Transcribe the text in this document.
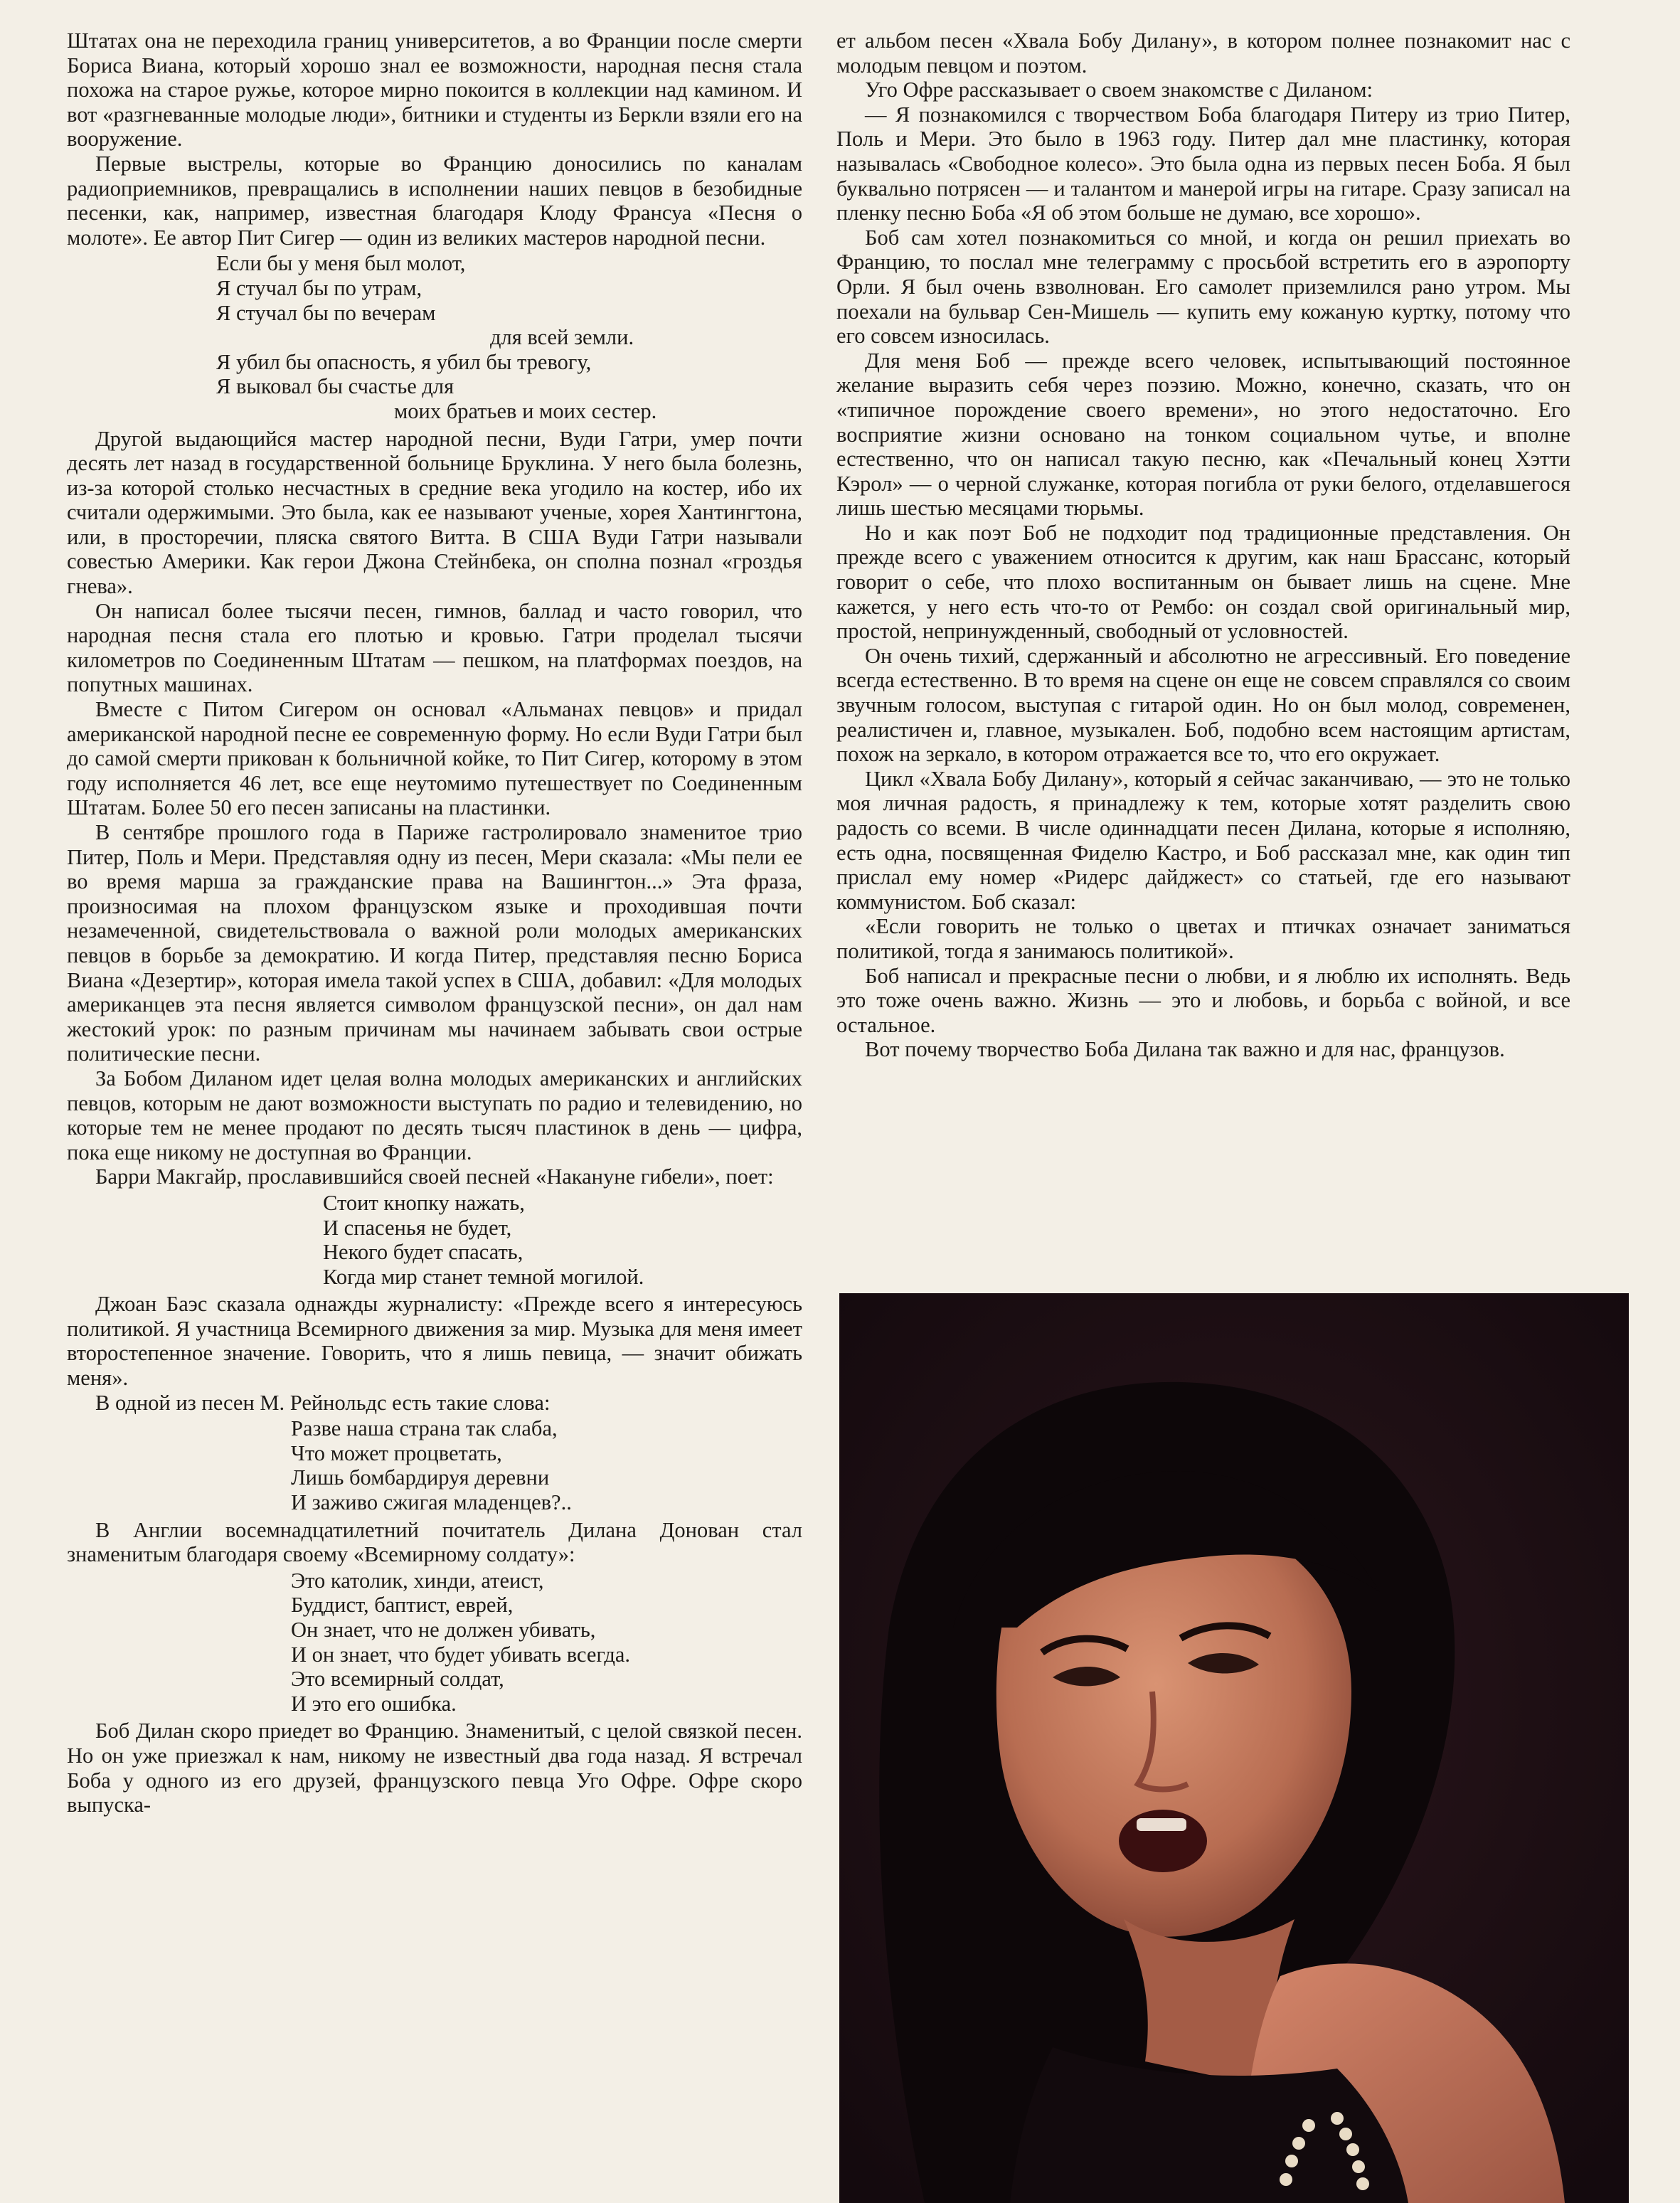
Штатах она не переходила границ университетов, а во Франции после смерти Бориса Виана, который хорошо знал ее возможности, народная песня стала похожа на старое ружье, которое мирно покоится в коллекции над камином. И вот «разгневанные молодые люди», битники и студенты из Беркли взяли его на вооружение.

Первые выстрелы, которые во Францию доносились по каналам радиоприемников, превращались в исполнении наших певцов в безобидные песенки, как, например, известная благодаря Клоду Франсуа «Песня о молоте». Ее автор Пит Сигер — один из великих мастеров народной песни.

Если бы у меня был молот,
Я стучал бы по утрам,
Я стучал бы по вечерам
для всей земли.
Я убил бы опасность, я убил бы тревогу,
Я выковал бы счастье для
моих братьев и моих сестер.

Другой выдающийся мастер народной песни, Вуди Гатри, умер почти десять лет назад в государственной больнице Бруклина. У него была болезнь, из-за которой столько несчастных в средние века угодило на костер, ибо их считали одержимыми. Это была, как ее называют ученые, хорея Хантингтона, или, в просторечии, пляска святого Витта. В США Вуди Гатри называли совестью Америки. Как герои Джона Стейнбека, он сполна познал «гроздья гнева».

Он написал более тысячи песен, гимнов, баллад и часто говорил, что народная песня стала его плотью и кровью. Гатри проделал тысячи километров по Соединенным Штатам — пешком, на платформах поездов, на попутных машинах.

Вместе с Питом Сигером он основал «Альманах певцов» и придал американской народной песне ее современную форму. Но если Вуди Гатри был до самой смерти прикован к больничной койке, то Пит Сигер, которому в этом году исполняется 46 лет, все еще неутомимо путешествует по Соединенным Штатам. Более 50 его песен записаны на пластинки.

В сентябре прошлого года в Париже гастролировало знаменитое трио Питер, Поль и Мери. Представляя одну из песен, Мери сказала: «Мы пели ее во время марша за гражданские права на Вашингтон...» Эта фраза, произносимая на плохом французском языке и проходившая почти незамеченной, свидетельствовала о важной роли молодых американских певцов в борьбе за демократию. И когда Питер, представляя песню Бориса Виана «Дезертир», которая имела такой успех в США, добавил: «Для молодых американцев эта песня является символом французской песни», он дал нам жестокий урок: по разным причинам мы начинаем забывать свои острые политические песни.

За Бобом Диланом идет целая волна молодых американских и английских певцов, которым не дают возможности выступать по радио и телевидению, но которые тем не менее продают по десять тысяч пластинок в день — цифра, пока еще никому не доступная во Франции.

Барри Макгайр, прославившийся своей песней «Накануне гибели», поет:

Стоит кнопку нажать,
И спасенья не будет,
Некого будет спасать,
Когда мир станет темной могилой.

Джоан Баэс сказала однажды журналисту: «Прежде всего я интересуюсь политикой. Я участница Всемирного движения за мир. Музыка для меня имеет второстепенное значение. Говорить, что я лишь певица, — значит обижать меня».

В одной из песен М. Рейнольдс есть такие слова:

Разве наша страна так слаба,
Что может процветать,
Лишь бомбардируя деревни
И заживо сжигая младенцев?..

В Англии восемнадцатилетний почитатель Дилана Донован стал знаменитым благодаря своему «Всемирному солдату»:

Это католик, хинди, атеист,
Буддист, баптист, еврей,
Он знает, что не должен убивать,
И он знает, что будет убивать всегда.
Это всемирный солдат,
И это его ошибка.

Боб Дилан скоро приедет во Францию. Знаменитый, с целой связкой песен. Но он уже приезжал к нам, никому не известный два года назад. Я встречал Боба у одного из его друзей, французского певца Уго Офре. Офре скоро выпуска-

ет альбом песен «Хвала Бобу Дилану», в котором полнее познакомит нас с молодым певцом и поэтом.

Уго Офре рассказывает о своем знакомстве с Диланом:

— Я познакомился с творчеством Боба благодаря Питеру из трио Питер, Поль и Мери. Это было в 1963 году. Питер дал мне пластинку, которая называлась «Свободное колесо». Это была одна из первых песен Боба. Я был буквально потрясен — и талантом и манерой игры на гитаре. Сразу записал на пленку песню Боба «Я об этом больше не думаю, все хорошо».

Боб сам хотел познакомиться со мной, и когда он решил приехать во Францию, то послал мне телеграмму с просьбой встретить его в аэропорту Орли. Я был очень взволнован. Его самолет приземлился рано утром. Мы поехали на бульвар Сен-Мишель — купить ему кожаную куртку, потому что его совсем износилась.

Для меня Боб — прежде всего человек, испытывающий постоянное желание выразить себя через поэзию. Можно, конечно, сказать, что он «типичное порождение своего времени», но этого недостаточно. Его восприятие жизни основано на тонком социальном чутье, и вполне естественно, что он написал такую песню, как «Печальный конец Хэтти Кэрол» — о черной служанке, которая погибла от руки белого, отделавшегося лишь шестью месяцами тюрьмы.

Но и как поэт Боб не подходит под традиционные представления. Он прежде всего с уважением относится к другим, как наш Брассанс, который говорит о себе, что плохо воспитанным он бывает лишь на сцене. Мне кажется, у него есть что-то от Рембо: он создал свой оригинальный мир, простой, непринужденный, свободный от условностей.

Он очень тихий, сдержанный и абсолютно не агрессивный. Его поведение всегда естественно. В то время на сцене он еще не совсем справлялся со своим звучным голосом, выступая с гитарой один. Но он был молод, современен, реалистичен и, главное, музыкален. Боб, подобно всем настоящим артистам, похож на зеркало, в котором отражается все то, что его окружает.

Цикл «Хвала Бобу Дилану», который я сейчас заканчиваю, — это не только моя личная радость, я принадлежу к тем, которые хотят разделить свою радость со всеми. В числе одиннадцати песен Дилана, которые я исполняю, есть одна, посвященная Фиделю Кастро, и Боб рассказал мне, как один тип прислал ему номер «Ридерс дайджест» со статьей, где его называют коммунистом. Боб сказал:

«Если говорить не только о цветах и птичках означает заниматься политикой, тогда я занимаюсь политикой».

Боб написал и прекрасные песни о любви, и я люблю их исполнять. Ведь это тоже очень важно. Жизнь — это и любовь, и борьба с войной, и все остальное.

Вот почему творчество Боба Дилана так важно и для нас, французов.
